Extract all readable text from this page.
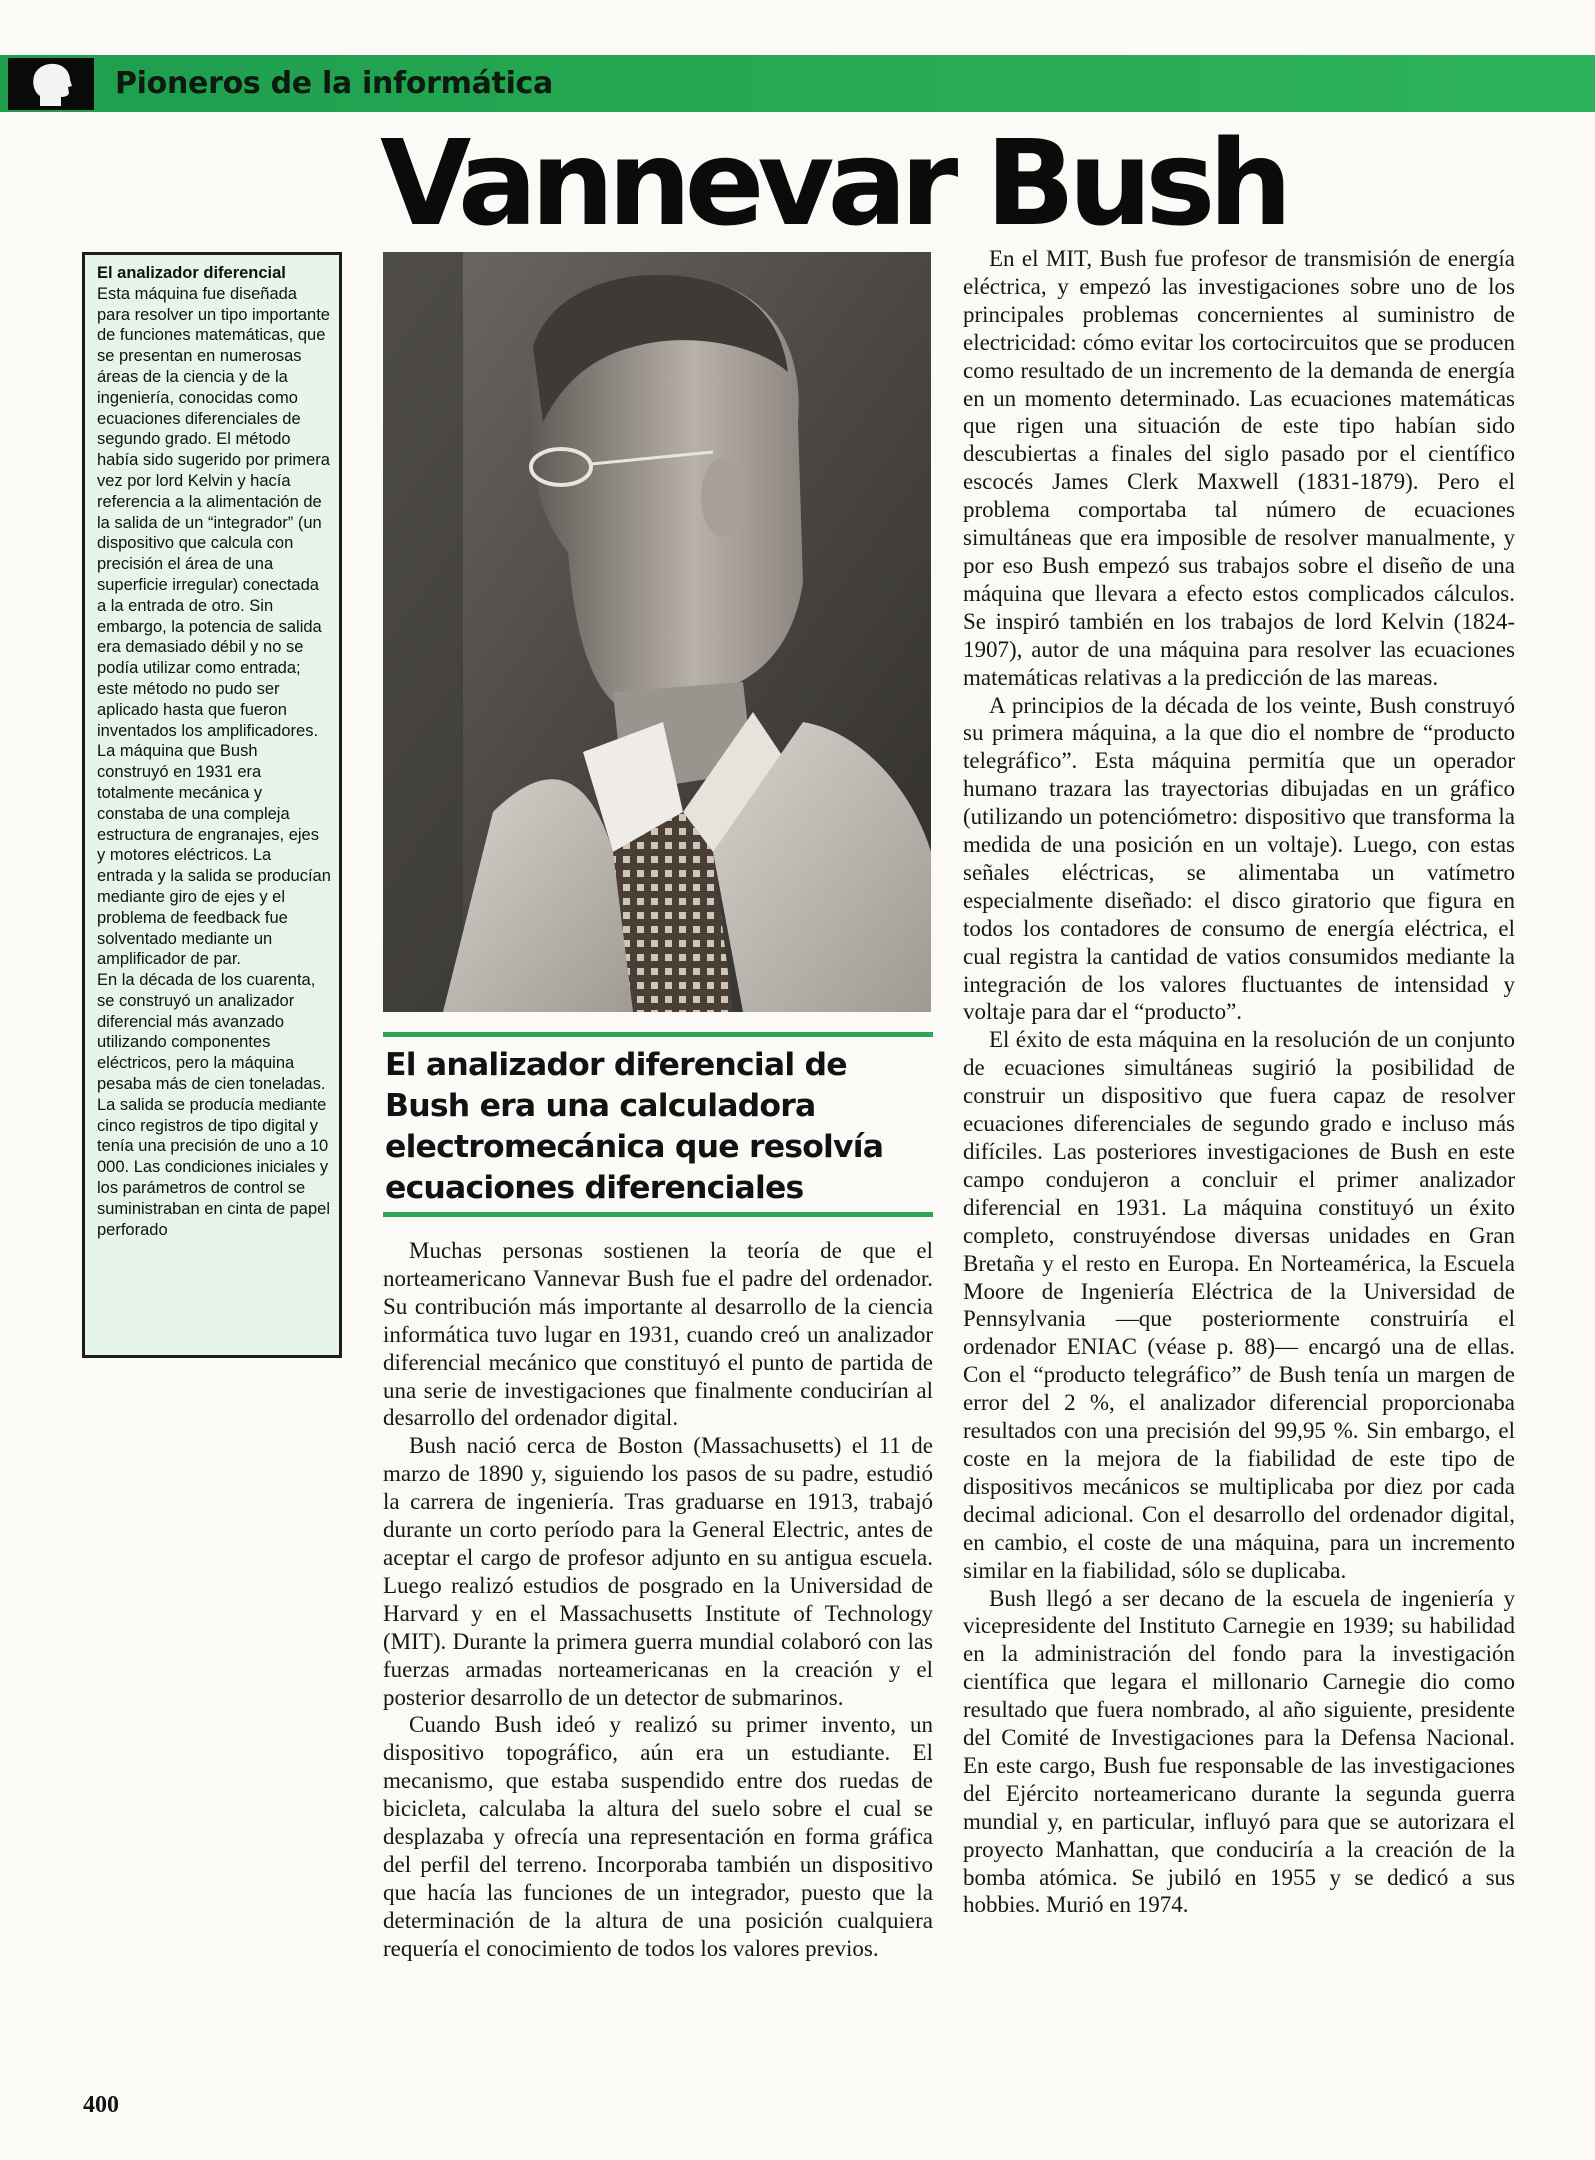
Pioneros de la informática
Vannevar Bush

El analizador diferencial

Esta máquina fue diseñada para resolver un tipo importante de funciones matemáticas, que se presentan en numerosas áreas de la ciencia y de la ingeniería, conocidas como ecuaciones diferenciales de segundo grado. El método había sido sugerido por primera vez por lord Kelvin y hacía referencia a la alimentación de la salida de un “integrador” (un dispositivo que calcula con precisión el área de una superficie irregular) conectada a la entrada de otro. Sin embargo, la potencia de salida era demasiado débil y no se podía utilizar como entrada; este método no pudo ser aplicado hasta que fueron inventados los amplificadores.

La máquina que Bush construyó en 1931 era totalmente mecánica y constaba de una compleja estructura de engranajes, ejes y motores eléctricos. La entrada y la salida se producían mediante giro de ejes y el problema de feedback fue solventado mediante un amplificador de par.

En la década de los cuarenta, se construyó un analizador diferencial más avanzado utilizando componentes eléctricos, pero la máquina pesaba más de cien toneladas. La salida se producía mediante cinco registros de tipo digital y tenía una precisión de uno a 10 000. Las condiciones iniciales y los parámetros de control se suministraban en cinta de papel perforado

El analizador diferencial de Bush era una calculadora electromecánica que resolvía ecuaciones diferenciales

Muchas personas sostienen la teoría de que el norteamericano Vannevar Bush fue el padre del ordenador. Su contribución más importante al desarrollo de la ciencia informática tuvo lugar en 1931, cuando creó un analizador diferencial mecánico que constituyó el punto de partida de una serie de investigaciones que finalmente conducirían al desarrollo del ordenador digital.

Bush nació cerca de Boston (Massachusetts) el 11 de marzo de 1890 y, siguiendo los pasos de su padre, estudió la carrera de ingeniería. Tras graduarse en 1913, trabajó durante un corto período para la General Electric, antes de aceptar el cargo de profesor adjunto en su antigua escuela. Luego realizó estudios de posgrado en la Universidad de Harvard y en el Massachusetts Institute of Technology (MIT). Durante la primera guerra mundial colaboró con las fuerzas armadas norteamericanas en la creación y el posterior desarrollo de un detector de submarinos.

Cuando Bush ideó y realizó su primer invento, un dispositivo topográfico, aún era un estudiante. El mecanismo, que estaba suspendido entre dos ruedas de bicicleta, calculaba la altura del suelo sobre el cual se desplazaba y ofrecía una representación en forma gráfica del perfil del terreno. Incorporaba también un dispositivo que hacía las funciones de un integrador, puesto que la determinación de la altura de una posición cualquiera requería el conocimiento de todos los valores previos.

En el MIT, Bush fue profesor de transmisión de energía eléctrica, y empezó las investigaciones sobre uno de los principales problemas concernientes al suministro de electricidad: cómo evitar los cortocircuitos que se producen como resultado de un incremento de la demanda de energía en un momento determinado. Las ecuaciones matemáticas que rigen una situación de este tipo habían sido descubiertas a finales del siglo pasado por el científico escocés James Clerk Maxwell (1831-1879). Pero el problema comportaba tal número de ecuaciones simultáneas que era imposible de resolver manualmente, y por eso Bush empezó sus trabajos sobre el diseño de una máquina que llevara a efecto estos complicados cálculos. Se inspiró también en los trabajos de lord Kelvin (1824-1907), autor de una máquina para resolver las ecuaciones matemáticas relativas a la predicción de las mareas.

A principios de la década de los veinte, Bush construyó su primera máquina, a la que dio el nombre de “producto telegráfico”. Esta máquina permitía que un operador humano trazara las trayectorias dibujadas en un gráfico (utilizando un potenciómetro: dispositivo que transforma la medida de una posición en un voltaje). Luego, con estas señales eléctricas, se alimentaba un vatímetro especialmente diseñado: el disco giratorio que figura en todos los contadores de consumo de energía eléctrica, el cual registra la cantidad de vatios consumidos mediante la integración de los valores fluctuantes de intensidad y voltaje para dar el “producto”.

El éxito de esta máquina en la resolución de un conjunto de ecuaciones simultáneas sugirió la posibilidad de construir un dispositivo que fuera capaz de resolver ecuaciones diferenciales de segundo grado e incluso más difíciles. Las posteriores investigaciones de Bush en este campo condujeron a concluir el primer analizador diferencial en 1931. La máquina constituyó un éxito completo, construyéndose diversas unidades en Gran Bretaña y el resto en Europa. En Norteamérica, la Escuela Moore de Ingeniería Eléctrica de la Universidad de Pennsylvania —que posteriormente construiría el ordenador ENIAC (véase p. 88)— encargó una de ellas. Con el “producto telegráfico” de Bush tenía un margen de error del 2 %, el analizador diferencial proporcionaba resultados con una precisión del 99,95 %. Sin embargo, el coste en la mejora de la fiabilidad de este tipo de dispositivos mecánicos se multiplicaba por diez por cada decimal adicional. Con el desarrollo del ordenador digital, en cambio, el coste de una máquina, para un incremento similar en la fiabilidad, sólo se duplicaba.

Bush llegó a ser decano de la escuela de ingeniería y vicepresidente del Instituto Carnegie en 1939; su habilidad en la administración del fondo para la investigación científica que legara el millonario Carnegie dio como resultado que fuera nombrado, al año siguiente, presidente del Comité de Investigaciones para la Defensa Nacional. En este cargo, Bush fue responsable de las investigaciones del Ejército norteamericano durante la segunda guerra mundial y, en particular, influyó para que se autorizara el proyecto Manhattan, que conduciría a la creación de la bomba atómica. Se jubiló en 1955 y se dedicó a sus hobbies. Murió en 1974.

400
